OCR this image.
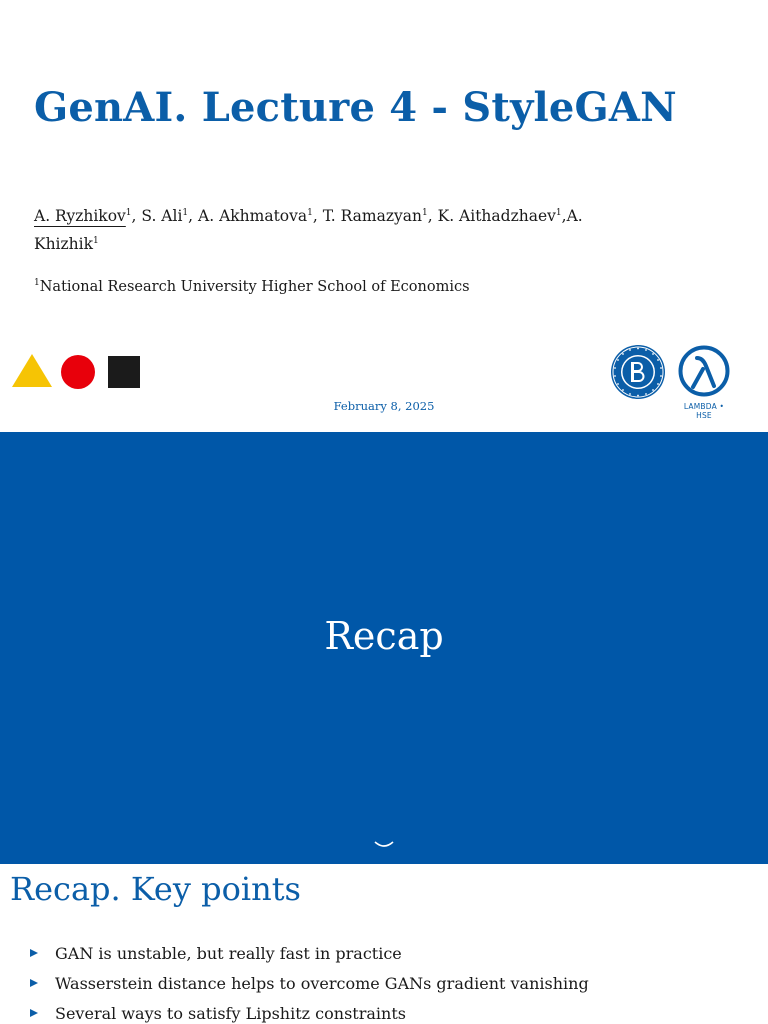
GenAI. Lecture 4 - StyleGAN
A. Ryzhikov$^1$, S. Ali$^1$, A. Akhmatova$^1$, T. Ramazyan$^1$, K. Aithadzhaev$^1$,A. Khizhik$^1$
$^1$National Research University Higher School of Economics
February 8, 2025	LAMBDA • HSE
Recap
Recap. Key points
GAN is unstable, but really fast in practice
Wasserstein distance helps to overcome GANs gradient vanishing
Several ways to satisfy Lipshitz constraints
